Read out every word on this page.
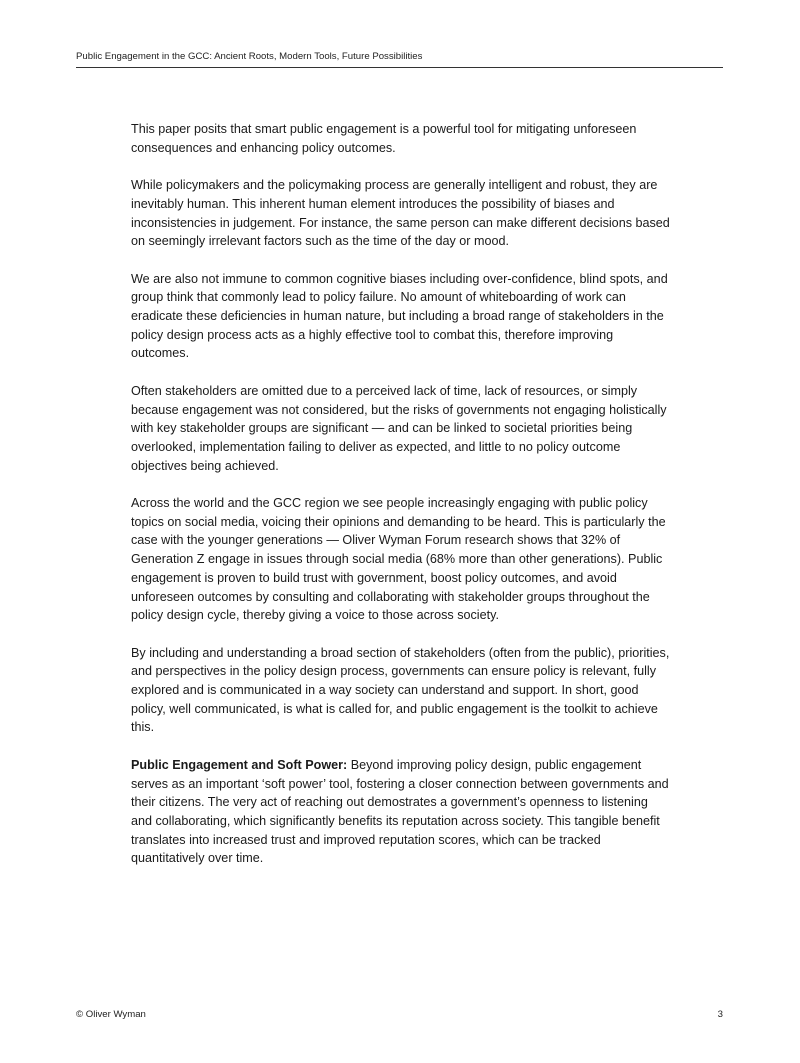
Public Engagement in the GCC: Ancient Roots, Modern Tools, Future Possibilities

This paper posits that smart public engagement is a powerful tool for mitigating unforeseen consequences and enhancing policy outcomes.

While policymakers and the policymaking process are generally intelligent and robust, they are inevitably human. This inherent human element introduces the possibility of biases and inconsistencies in judgement. For instance, the same person can make different decisions based on seemingly irrelevant factors such as the time of the day or mood.

We are also not immune to common cognitive biases including over-confidence, blind spots, and group think that commonly lead to policy failure. No amount of whiteboarding of work can eradicate these deficiencies in human nature, but including a broad range of stakeholders in the policy design process acts as a highly effective tool to combat this, therefore improving outcomes.

Often stakeholders are omitted due to a perceived lack of time, lack of resources, or simply because engagement was not considered, but the risks of governments not engaging holistically with key stakeholder groups are significant — and can be linked to societal priorities being overlooked, implementation failing to deliver as expected, and little to no policy outcome objectives being achieved.

Across the world and the GCC region we see people increasingly engaging with public policy topics on social media, voicing their opinions and demanding to be heard. This is particularly the case with the younger generations — Oliver Wyman Forum research shows that 32% of Generation Z engage in issues through social media (68% more than other generations). Public engagement is proven to build trust with government, boost policy outcomes, and avoid unforeseen outcomes by consulting and collaborating with stakeholder groups throughout the policy design cycle, thereby giving a voice to those across society.

By including and understanding a broad section of stakeholders (often from the public), priorities, and perspectives in the policy design process, governments can ensure policy is relevant, fully explored and is communicated in a way society can understand and support. In short, good policy, well communicated, is what is called for, and public engagement is the toolkit to achieve this.

Public Engagement and Soft Power: Beyond improving policy design, public engagement serves as an important ‘soft power’ tool, fostering a closer connection between governments and their citizens. The very act of reaching out demostrates a government’s openness to listening and collaborating, which significantly benefits its reputation across society. This tangible benefit translates into increased trust and improved reputation scores, which can be tracked quantitatively over time.

© Oliver Wyman	3
